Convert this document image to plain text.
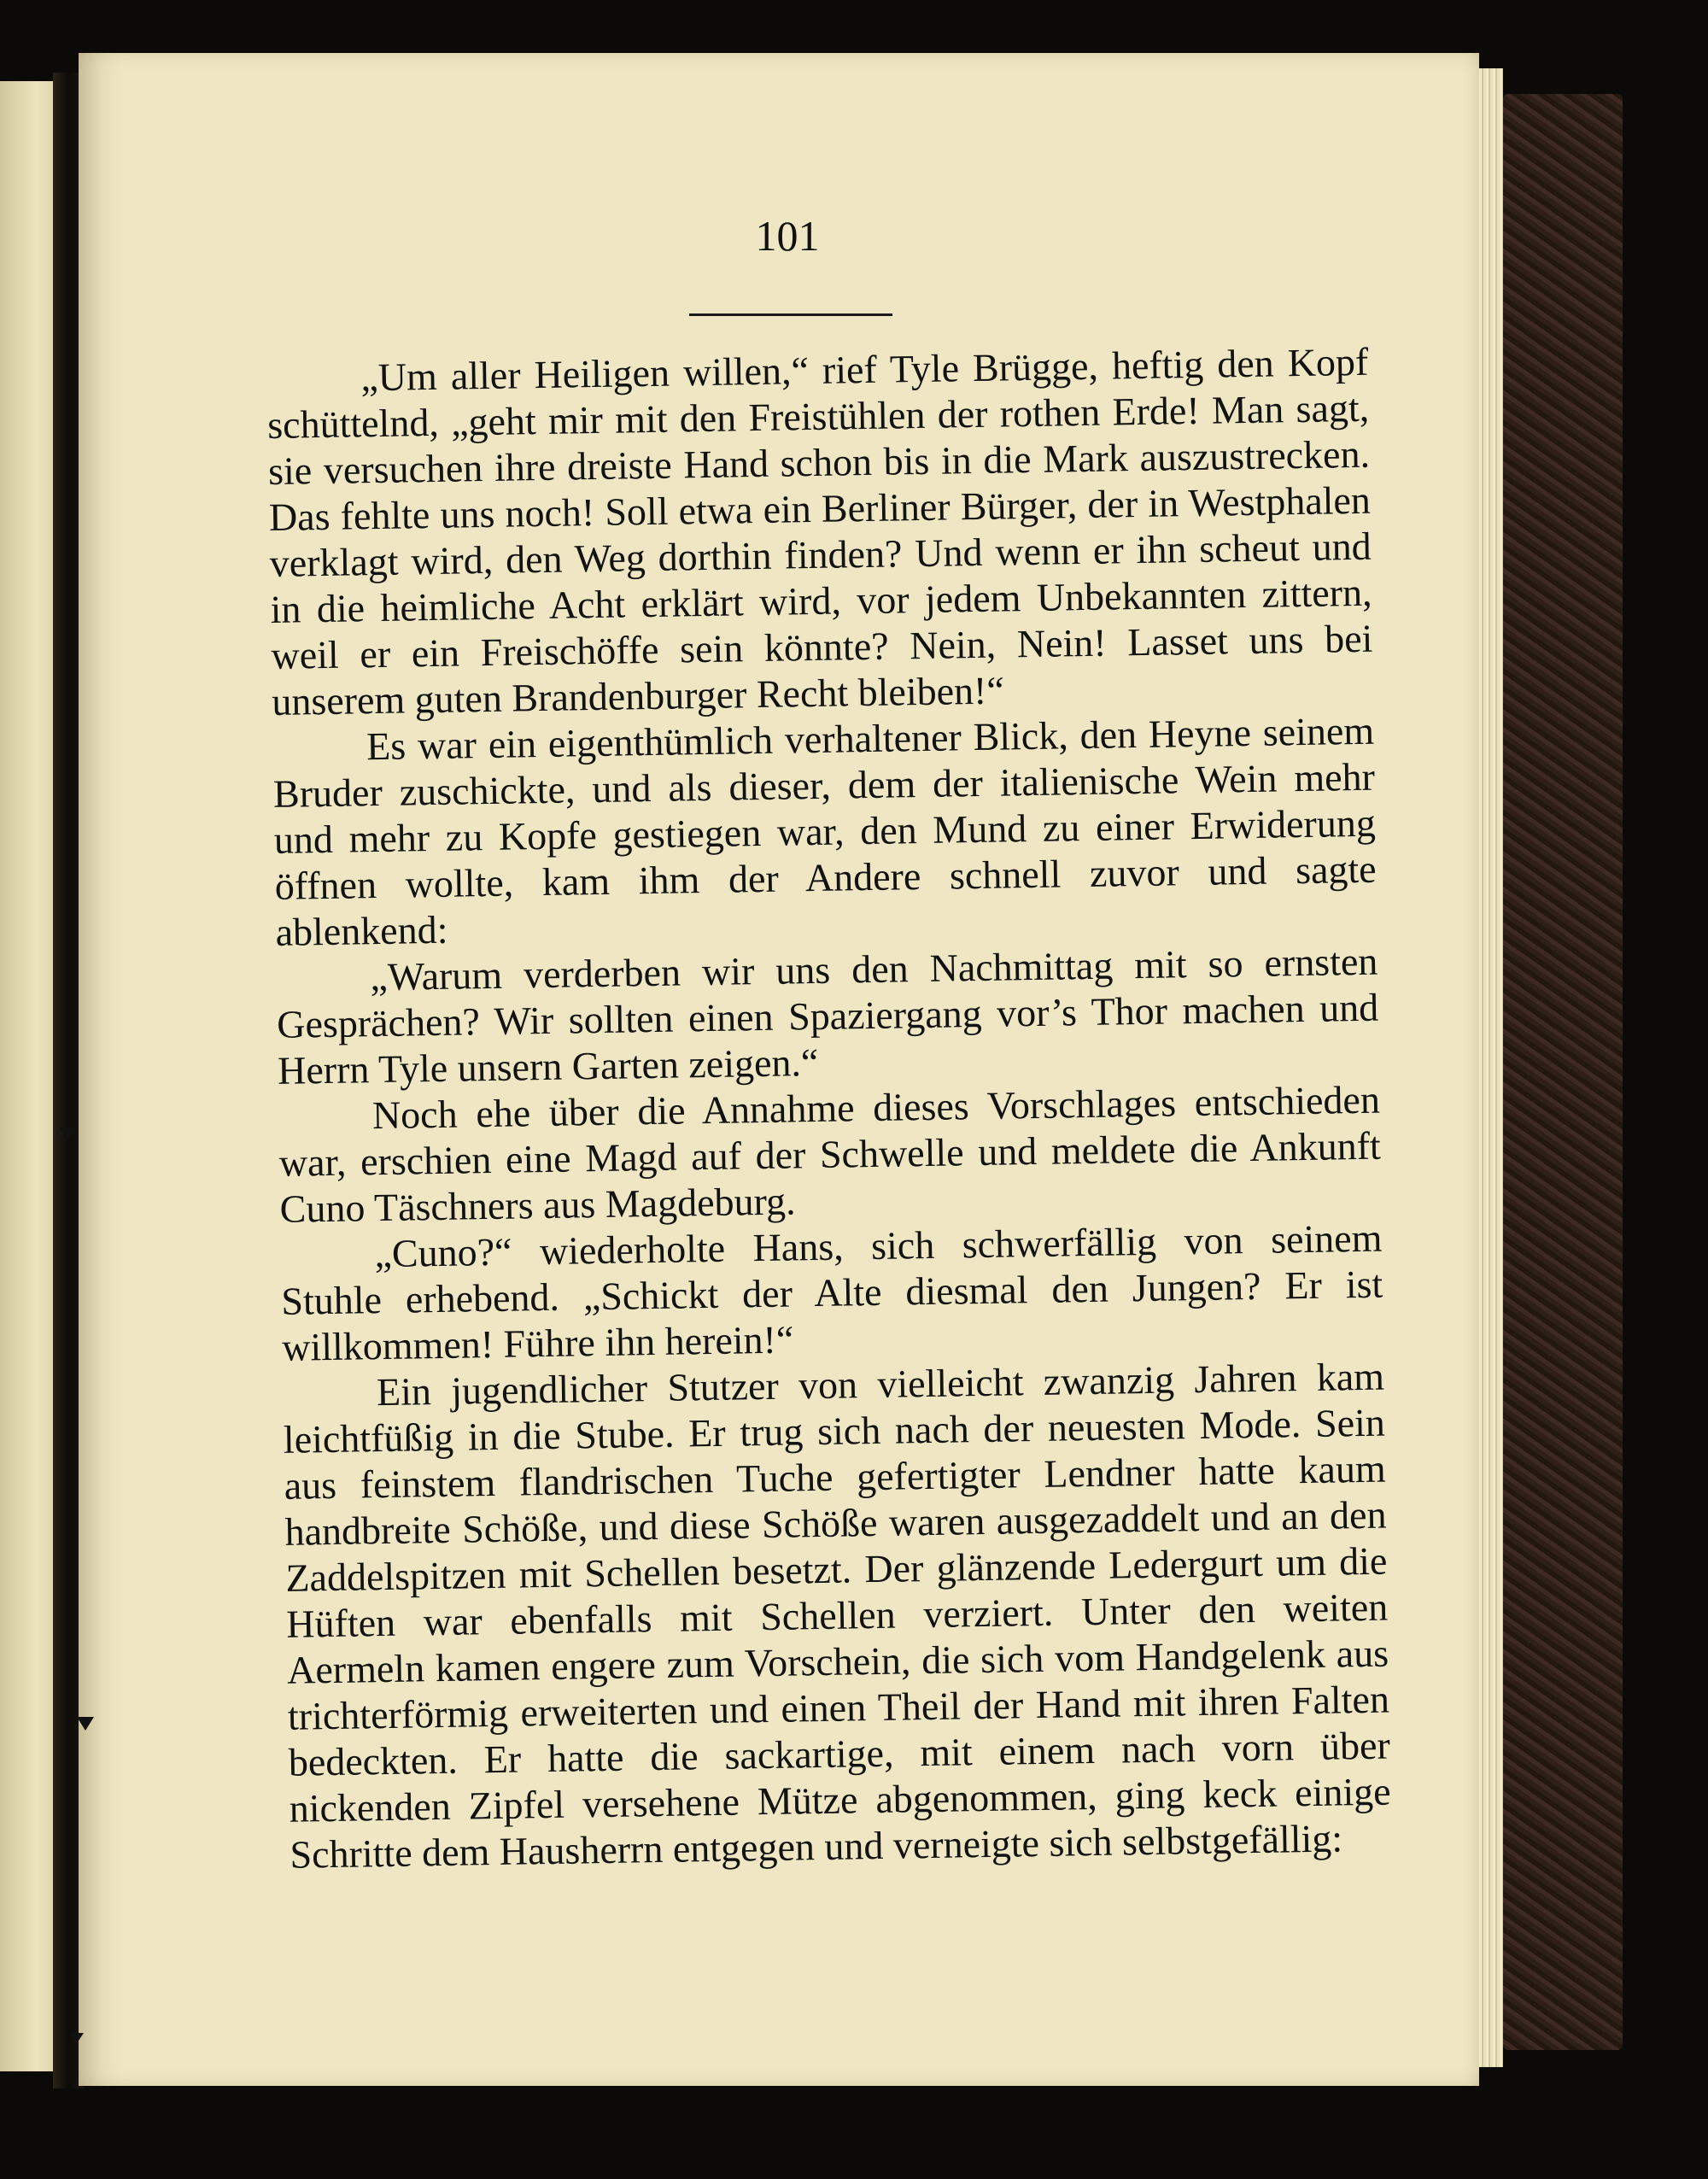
101

„Um aller Heiligen willen,“ rief Tyle Brügge, heftig den Kopf schüttelnd, „geht mir mit den Freistühlen der rothen Erde! Man sagt, sie versuchen ihre dreiste Hand schon bis in die Mark auszustrecken. Das fehlte uns noch! Soll etwa ein Berliner Bürger, der in Westphalen verklagt wird, den Weg dorthin finden? Und wenn er ihn scheut und in die heimliche Acht erklärt wird, vor jedem Unbekannten zittern, weil er ein Freischöffe sein könnte? Nein, Nein! Lasset uns bei unserem guten Brandenburger Recht bleiben!“

Es war ein eigenthümlich verhaltener Blick, den Heyne seinem Bruder zuschickte, und als dieser, dem der italienische Wein mehr und mehr zu Kopfe gestiegen war, den Mund zu einer Erwiderung öffnen wollte, kam ihm der Andere schnell zuvor und sagte ablenkend:

„Warum verderben wir uns den Nachmittag mit so ernsten Gesprächen? Wir sollten einen Spaziergang vor’s Thor machen und Herrn Tyle unsern Garten zeigen.“

Noch ehe über die Annahme dieses Vorschlages entschieden war, erschien eine Magd auf der Schwelle und meldete die Ankunft Cuno Täschners aus Magdeburg.

„Cuno?“ wiederholte Hans, sich schwerfällig von seinem Stuhle erhebend. „Schickt der Alte diesmal den Jungen? Er ist willkommen! Führe ihn herein!“

Ein jugendlicher Stutzer von vielleicht zwanzig Jahren kam leichtfüßig in die Stube. Er trug sich nach der neuesten Mode. Sein aus feinstem flandrischen Tuche gefertigter Lendner hatte kaum handbreite Schöße, und diese Schöße waren ausgezaddelt und an den Zaddelspitzen mit Schellen besetzt. Der glänzende Ledergurt um die Hüften war ebenfalls mit Schellen verziert. Unter den weiten Aermeln kamen engere zum Vorschein, die sich vom Handgelenk aus trichterförmig erweiterten und einen Theil der Hand mit ihren Falten bedeckten. Er hatte die sackartige, mit einem nach vorn über nickenden Zipfel versehene Mütze abgenommen, ging keck einige Schritte dem Hausherrn entgegen und verneigte sich selbstgefällig:
